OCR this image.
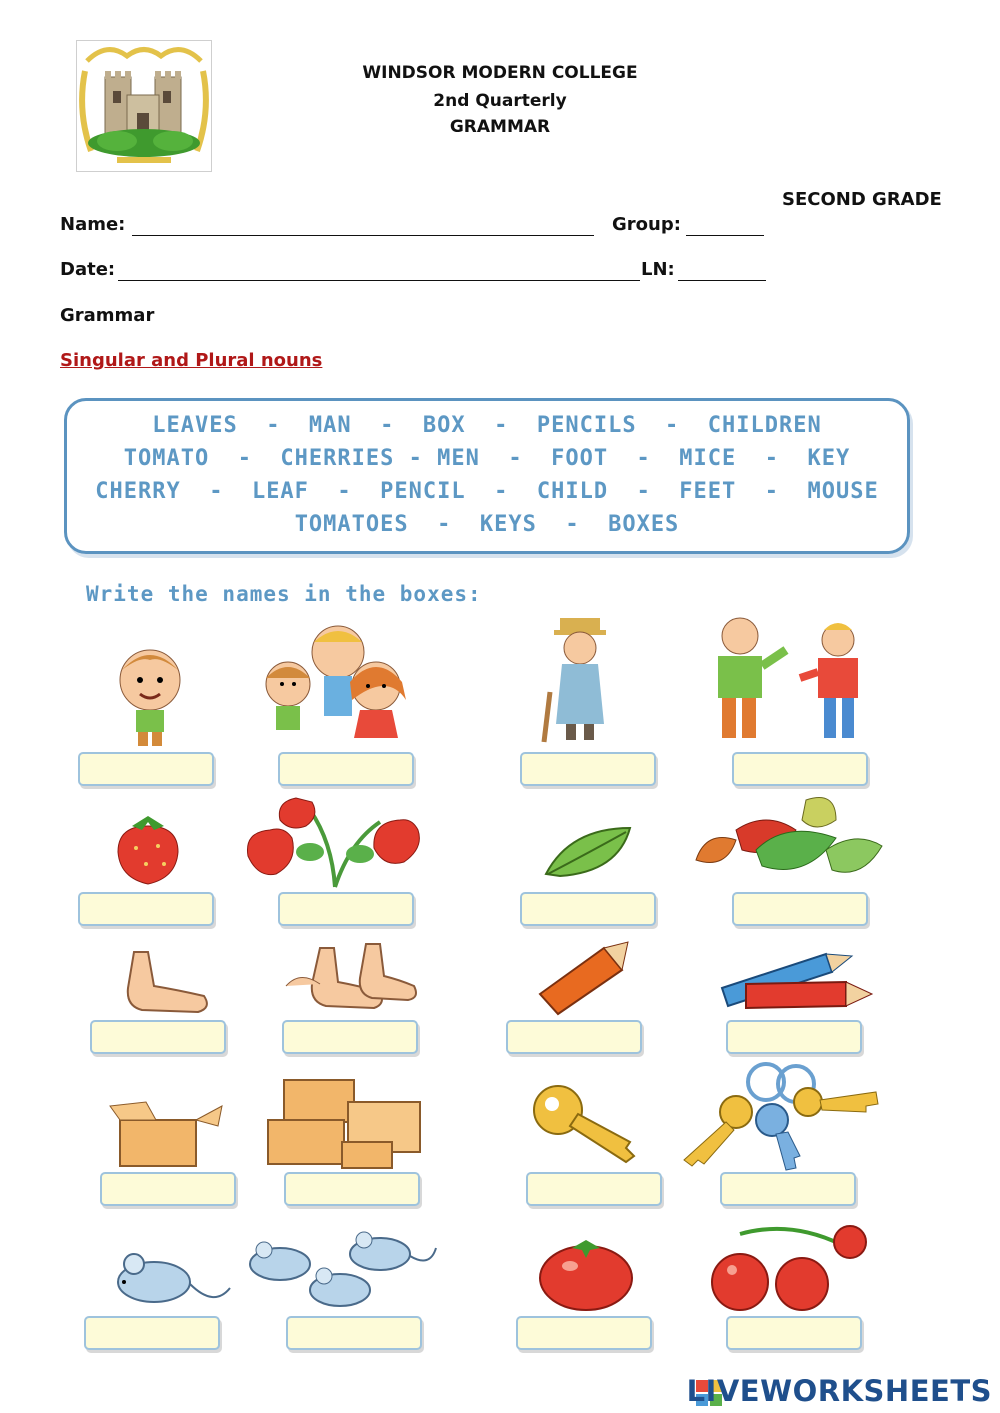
WINDSOR MODERN COLLEGE
2nd Quarterly
GRAMMAR
SECOND GRADE
Name:	Group:
Date:	LN:
Grammar
Singular and Plural nouns
LEAVES  -  MAN  -  BOX  -  PENCILS  -  CHILDREN
TOMATO  -  CHERRIES - MEN  -  FOOT  -  MICE  -  KEY
CHERRY  -  LEAF  -  PENCIL  -  CHILD  -  FEET  -  MOUSE
TOMATOES  -  KEYS  -  BOXES
Write the names in the boxes:
LIVEWORKSHEETS
